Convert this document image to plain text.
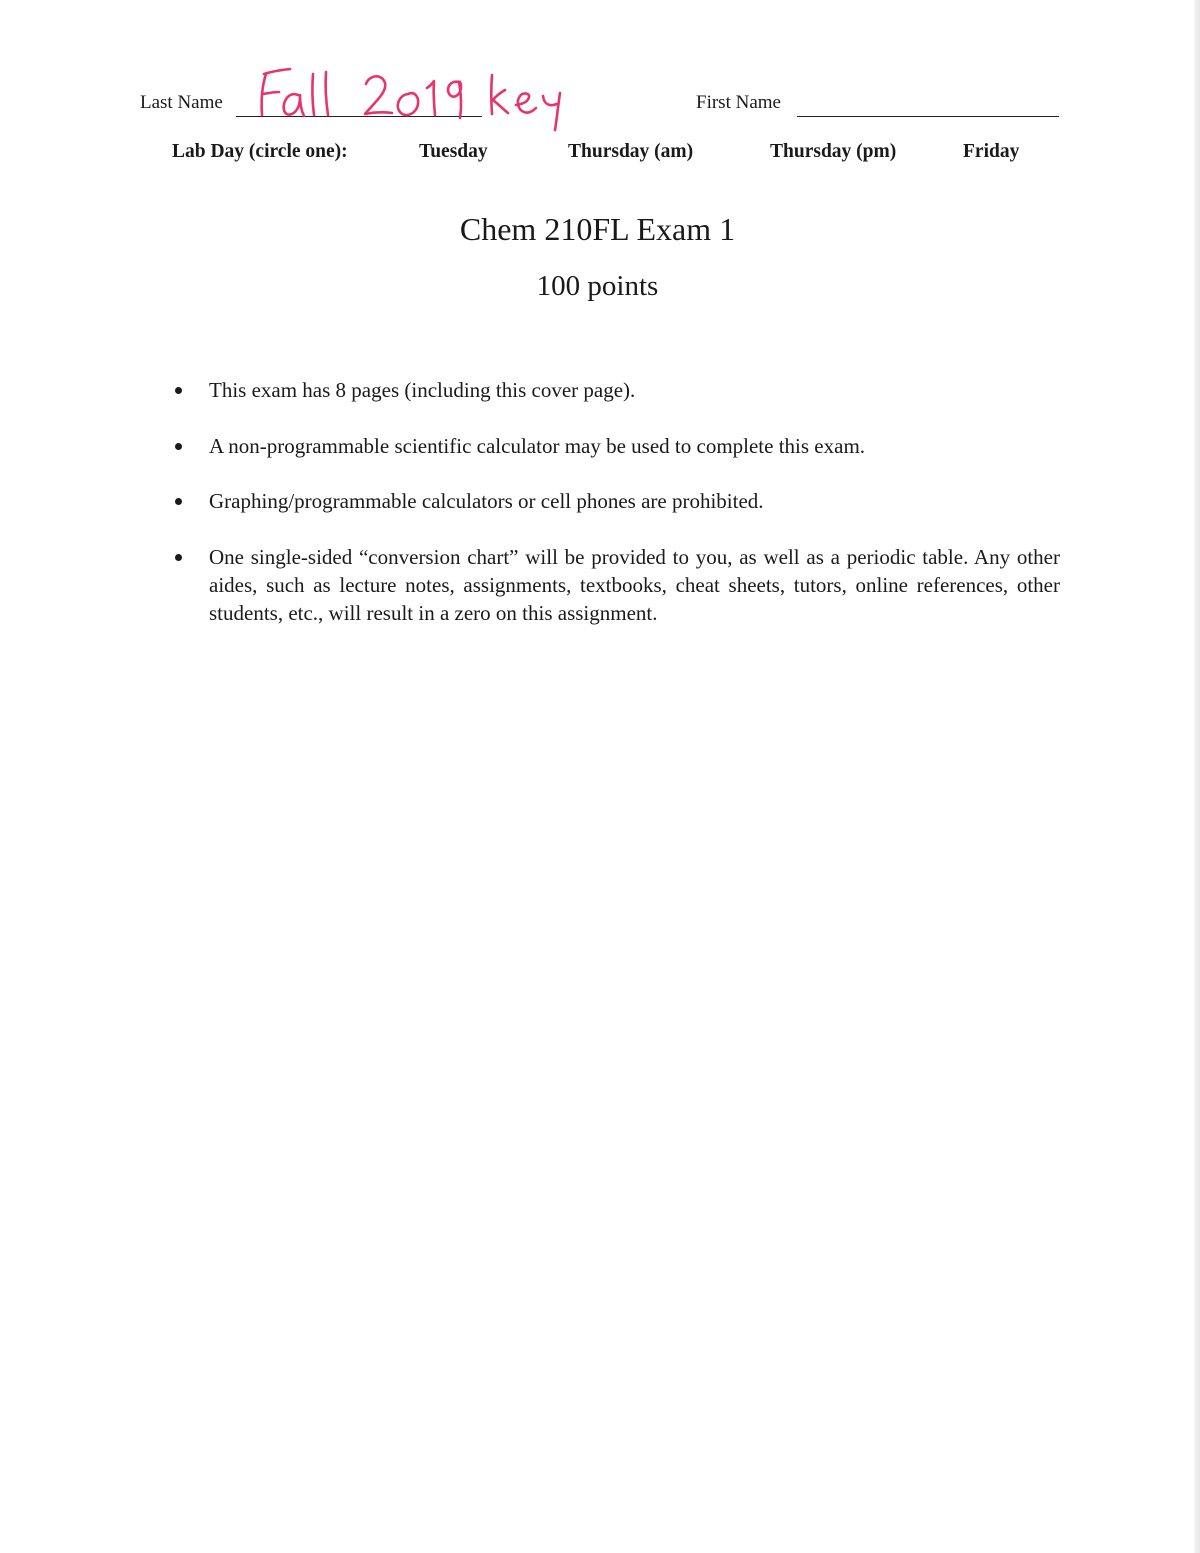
Last Name	First Name
Lab Day (circle one):	Tuesday	Thursday (am)	Thursday (pm)	Friday
Chem 210FL Exam 1
100 points
This exam has 8 pages (including this cover page).
A non-programmable scientific calculator may be used to complete this exam.
Graphing/programmable calculators or cell phones are prohibited.
One single-sided “conversion chart” will be provided to you, as well as a periodic table. Any other aides, such as lecture notes, assignments, textbooks, cheat sheets, tutors, online references, other students, etc., will result in a zero on this assignment.
